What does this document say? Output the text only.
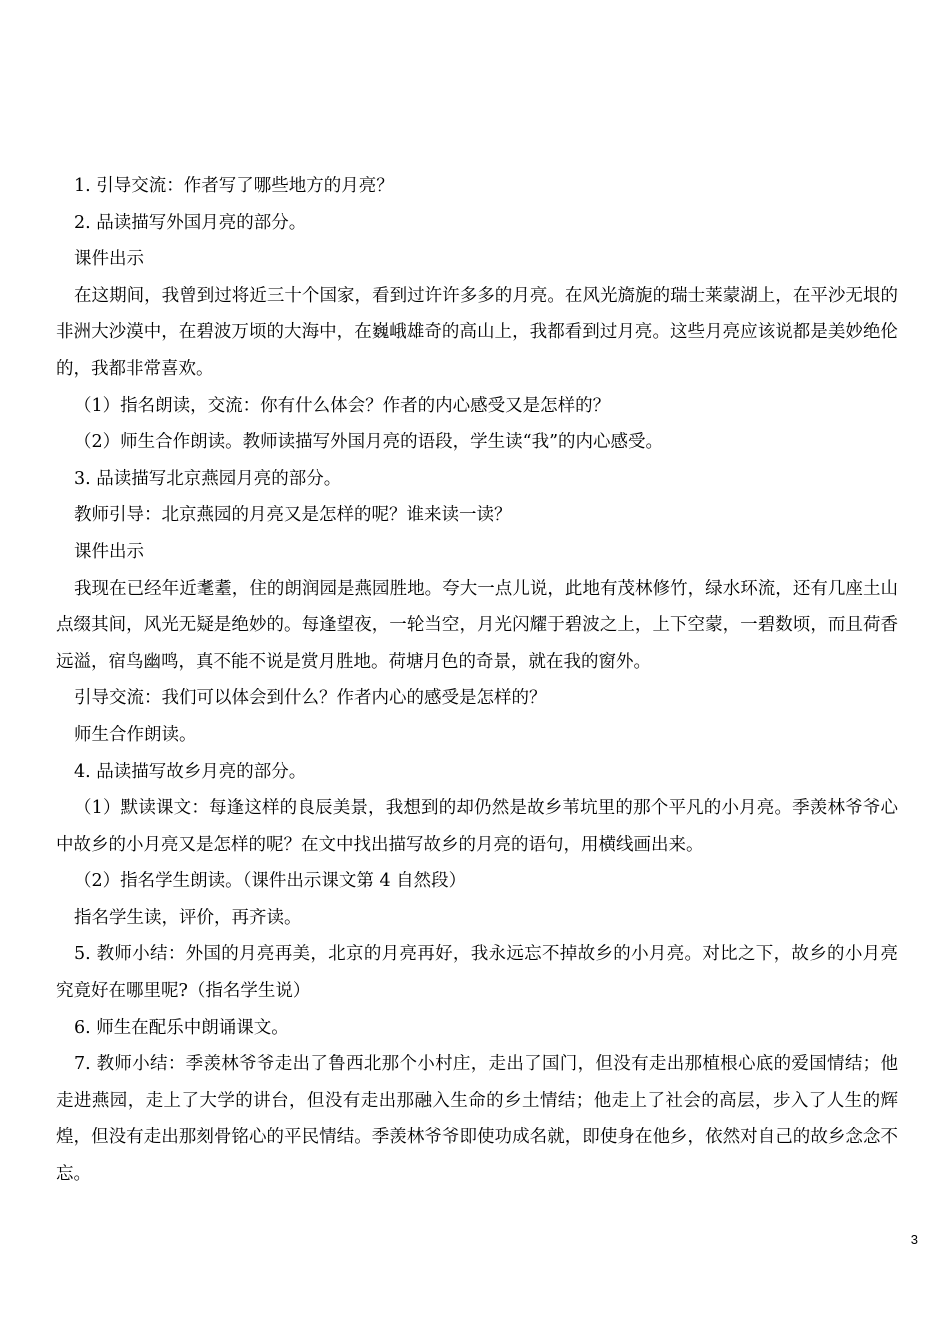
1. 引导交流：作者写了哪些地方的月亮？

2. 品读描写外国月亮的部分。

课件出示

在这期间，我曾到过将近三十个国家，看到过许许多多的月亮。在风光旖旎的瑞士莱蒙湖上，在平沙无垠的非洲大沙漠中，在碧波万顷的大海中，在巍峨雄奇的高山上，我都看到过月亮。这些月亮应该说都是美妙绝伦的，我都非常喜欢。

（1）指名朗读，交流：你有什么体会？作者的内心感受又是怎样的？

（2）师生合作朗读。教师读描写外国月亮的语段，学生读“我”的内心感受。

3. 品读描写北京燕园月亮的部分。

教师引导：北京燕园的月亮又是怎样的呢？谁来读一读？

课件出示

我现在已经年近耄耋，住的朗润园是燕园胜地。夸大一点儿说，此地有茂林修竹，绿水环流，还有几座土山点缀其间，风光无疑是绝妙的。每逢望夜，一轮当空，月光闪耀于碧波之上，上下空蒙，一碧数顷，而且荷香远溢，宿鸟幽鸣，真不能不说是赏月胜地。荷塘月色的奇景，就在我的窗外。

引导交流：我们可以体会到什么？作者内心的感受是怎样的？

师生合作朗读。

4. 品读描写故乡月亮的部分。

（1）默读课文：每逢这样的良辰美景，我想到的却仍然是故乡苇坑里的那个平凡的小月亮。季羡林爷爷心中故乡的小月亮又是怎样的呢？在文中找出描写故乡的月亮的语句，用横线画出来。

（2）指名学生朗读。（课件出示课文第 4 自然段）

指名学生读，评价，再齐读。

5. 教师小结：外国的月亮再美，北京的月亮再好，我永远忘不掉故乡的小月亮。对比之下，故乡的小月亮究竟好在哪里呢?（指名学生说）

6. 师生在配乐中朗诵课文。

7. 教师小结：季羡林爷爷走出了鲁西北那个小村庄，走出了国门，但没有走出那植根心底的爱国情结；他走进燕园，走上了大学的讲台，但没有走出那融入生命的乡土情结；他走上了社会的高层，步入了人生的辉煌，但没有走出那刻骨铭心的平民情结。季羡林爷爷即使功成名就，即使身在他乡，依然对自己的故乡念念不忘。

3
